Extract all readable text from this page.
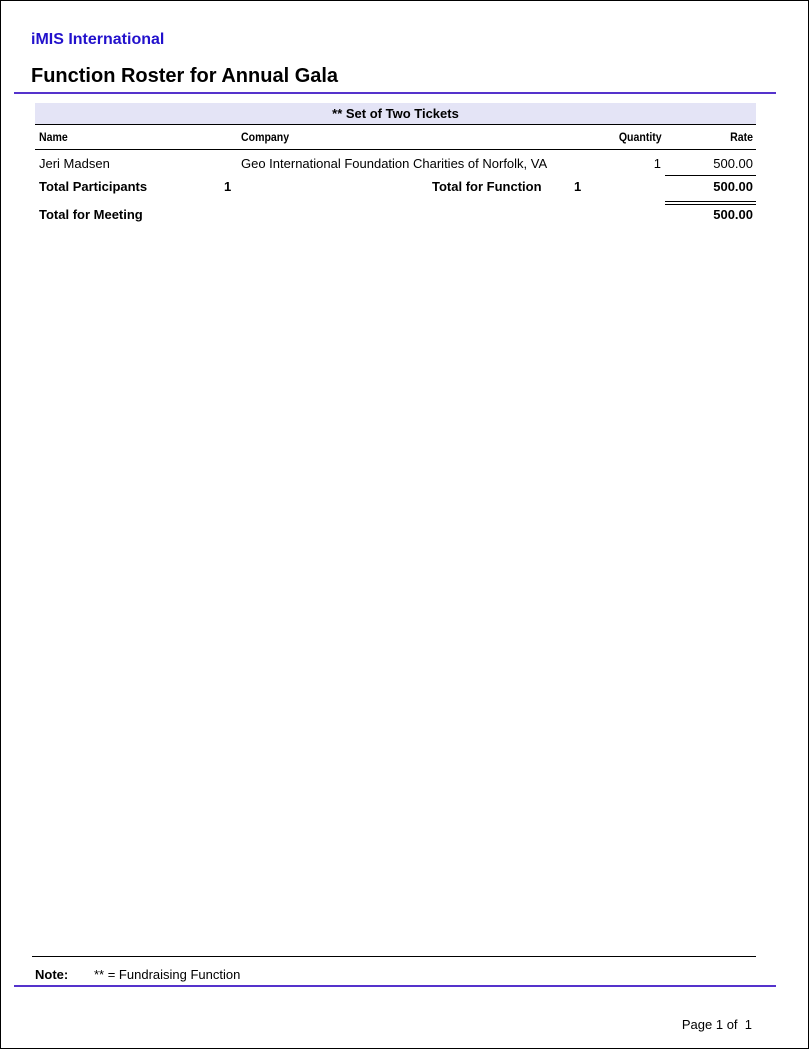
iMIS International
Function Roster for Annual Gala
** Set of Two Tickets
Name	Company	Quantity	Rate
Jeri Madsen	Geo International Foundation Charities of Norfolk, VA	1	500.00
Total Participants	1	Total for Function 1	500.00
Total for Meeting	500.00
Note: ** = Fundraising Function
Page 1 of  1
